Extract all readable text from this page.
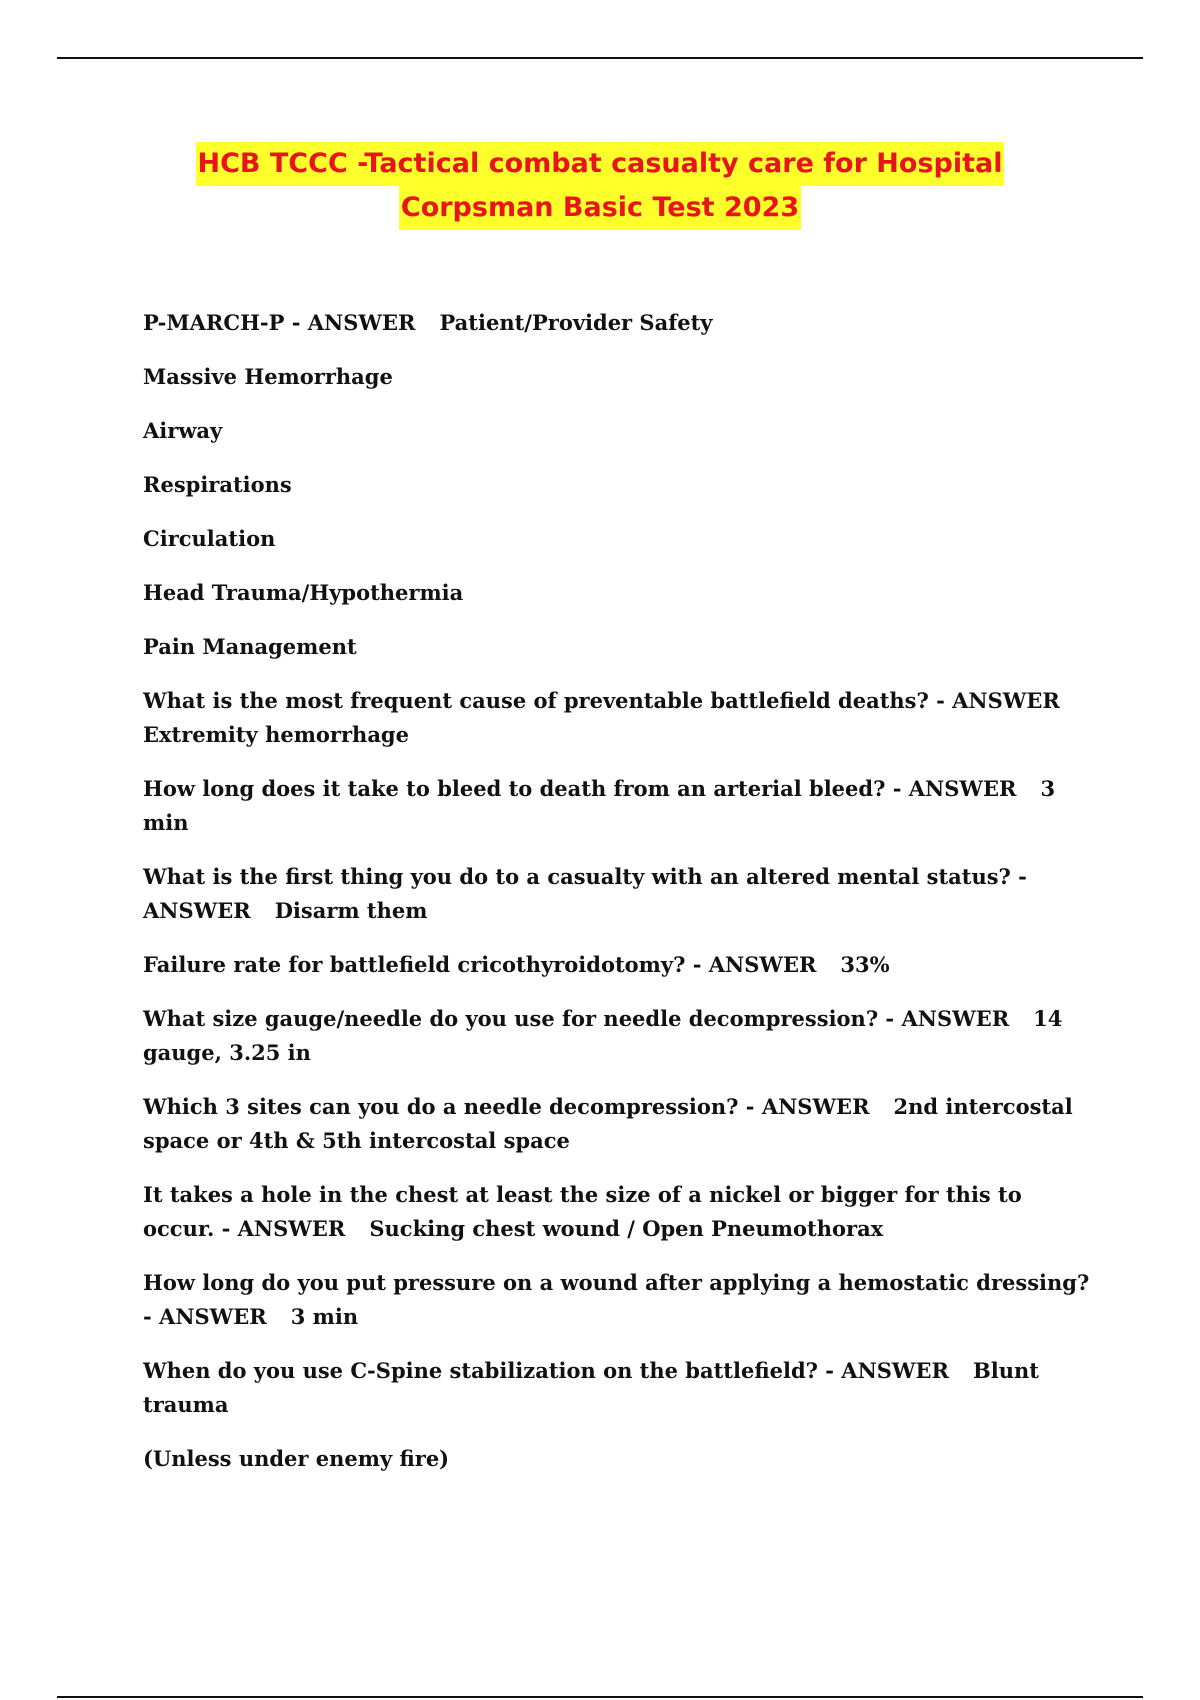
HCB TCCC -Tactical combat casualty care for Hospital
Corpsman Basic Test 2023

P-MARCH-P - ANSWER Patient/Provider Safety

Massive Hemorrhage

Airway

Respirations

Circulation

Head Trauma/Hypothermia

Pain Management

What is the most frequent cause of preventable battlefield deaths? - ANSWERExtremity hemorrhage

How long does it take to bleed to death from an arterial bleed? - ANSWER 3 min

What is the first thing you do to a casualty with an altered mental status? - ANSWER Disarm them

Failure rate for battlefield cricothyroidotomy? - ANSWER 33%

What size gauge/needle do you use for needle decompression? - ANSWER 14 gauge, 3.25 in

Which 3 sites can you do a needle decompression? - ANSWER 2nd intercostal space or 4th & 5th intercostal space

It takes a hole in the chest at least the size of a nickel or bigger for this to occur. - ANSWER Sucking chest wound / Open Pneumothorax

How long do you put pressure on a wound after applying a hemostatic dressing? - ANSWER 3 min

When do you use C-Spine stabilization on the battlefield? - ANSWER Blunt trauma

(Unless under enemy fire)
